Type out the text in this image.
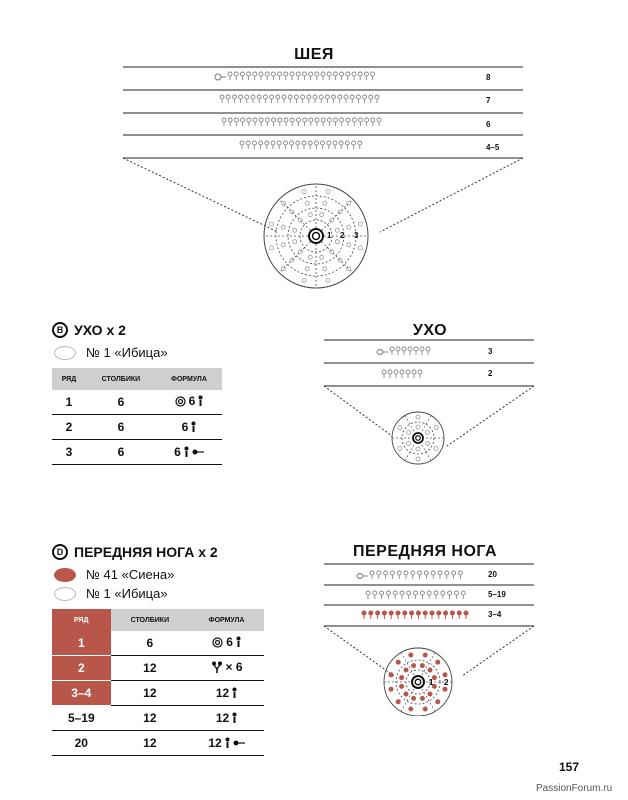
ШЕЯ
8
7
6
4–5
1 2 3
B УХО x 2
№ 1 «Ибица»
РЯД	СТОЛБИКИ	ФОРМУЛА
1	6	6

2	6	6

3	6	6
УХО
3
2
D ПЕРЕДНЯЯ НОГА x 2
№ 41 «Сиена»
№ 1 «Ибица»
РЯД	СТОЛБИКИ	ФОРМУЛА
1	6	6

2	12	× 6

3–4	12	12

5–19	12	12

20	12	12
ПЕРЕДНЯЯ НОГА
20
5–19
3–4
1 2
157
PassionForum.ru
